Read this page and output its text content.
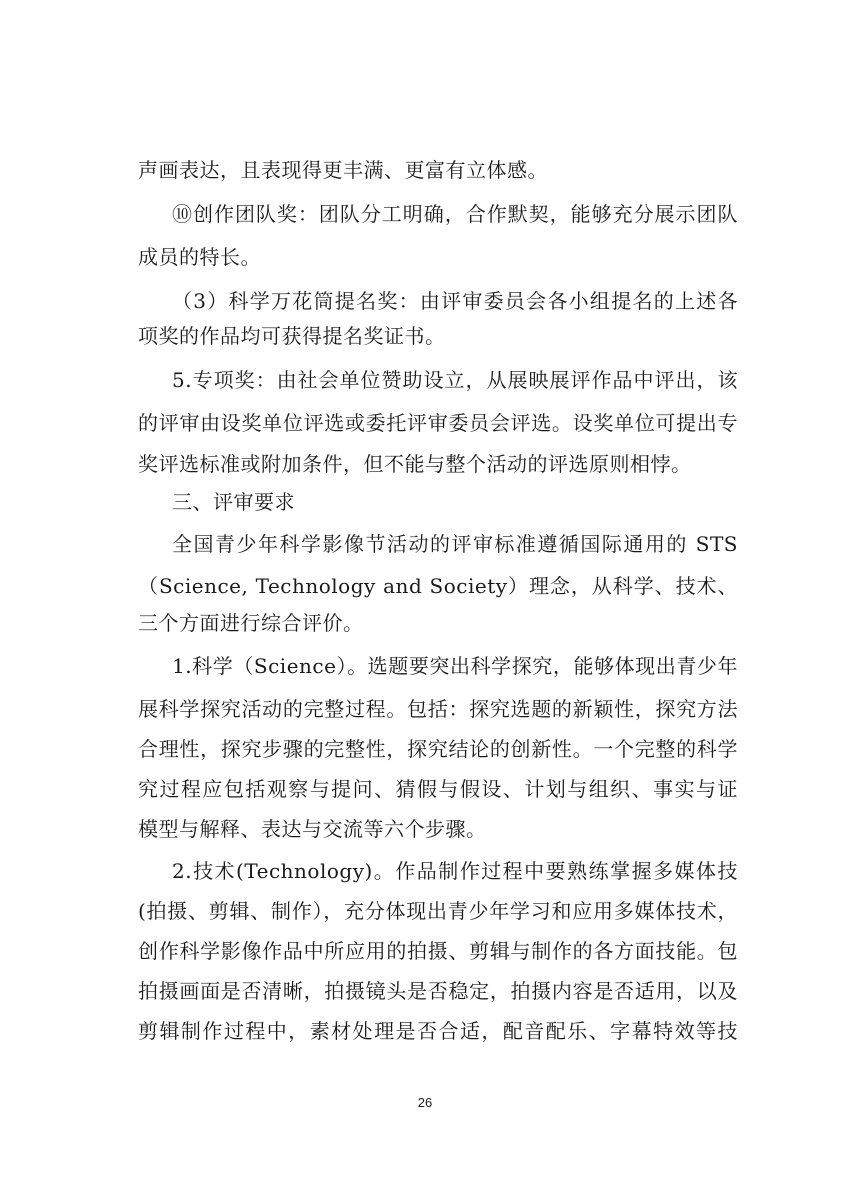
声画表达，且表现得更丰满、更富有立体感。
⑩创作团队奖：团队分工明确，合作默契，能够充分展示团队
成员的特长。
（3）科学万花筒提名奖：由评审委员会各小组提名的上述各
项奖的作品均可获得提名奖证书。
5.专项奖：由社会单位赞助设立，从展映展评作品中评出，该
的评审由设奖单位评选或委托评审委员会评选。设奖单位可提出专
奖评选标准或附加条件，但不能与整个活动的评选原则相悖。
三、评审要求
全国青少年科学影像节活动的评审标准遵循国际通用的 STS
（Science, Technology and Society）理念，从科学、技术、
三个方面进行综合评价。
1.科学（Science）。选题要突出科学探究，能够体现出青少年
展科学探究活动的完整过程。包括：探究选题的新颖性，探究方法
合理性，探究步骤的完整性，探究结论的创新性。一个完整的科学
究过程应包括观察与提问、猜假与假设、计划与组织、事实与证
模型与解释、表达与交流等六个步骤。
2.技术(Technology)。作品制作过程中要熟练掌握多媒体技
(拍摄、剪辑、制作），充分体现出青少年学习和应用多媒体技术，
创作科学影像作品中所应用的拍摄、剪辑与制作的各方面技能。包
拍摄画面是否清晰，拍摄镜头是否稳定，拍摄内容是否适用，以及
剪辑制作过程中，素材处理是否合适，配音配乐、字幕特效等技
26
